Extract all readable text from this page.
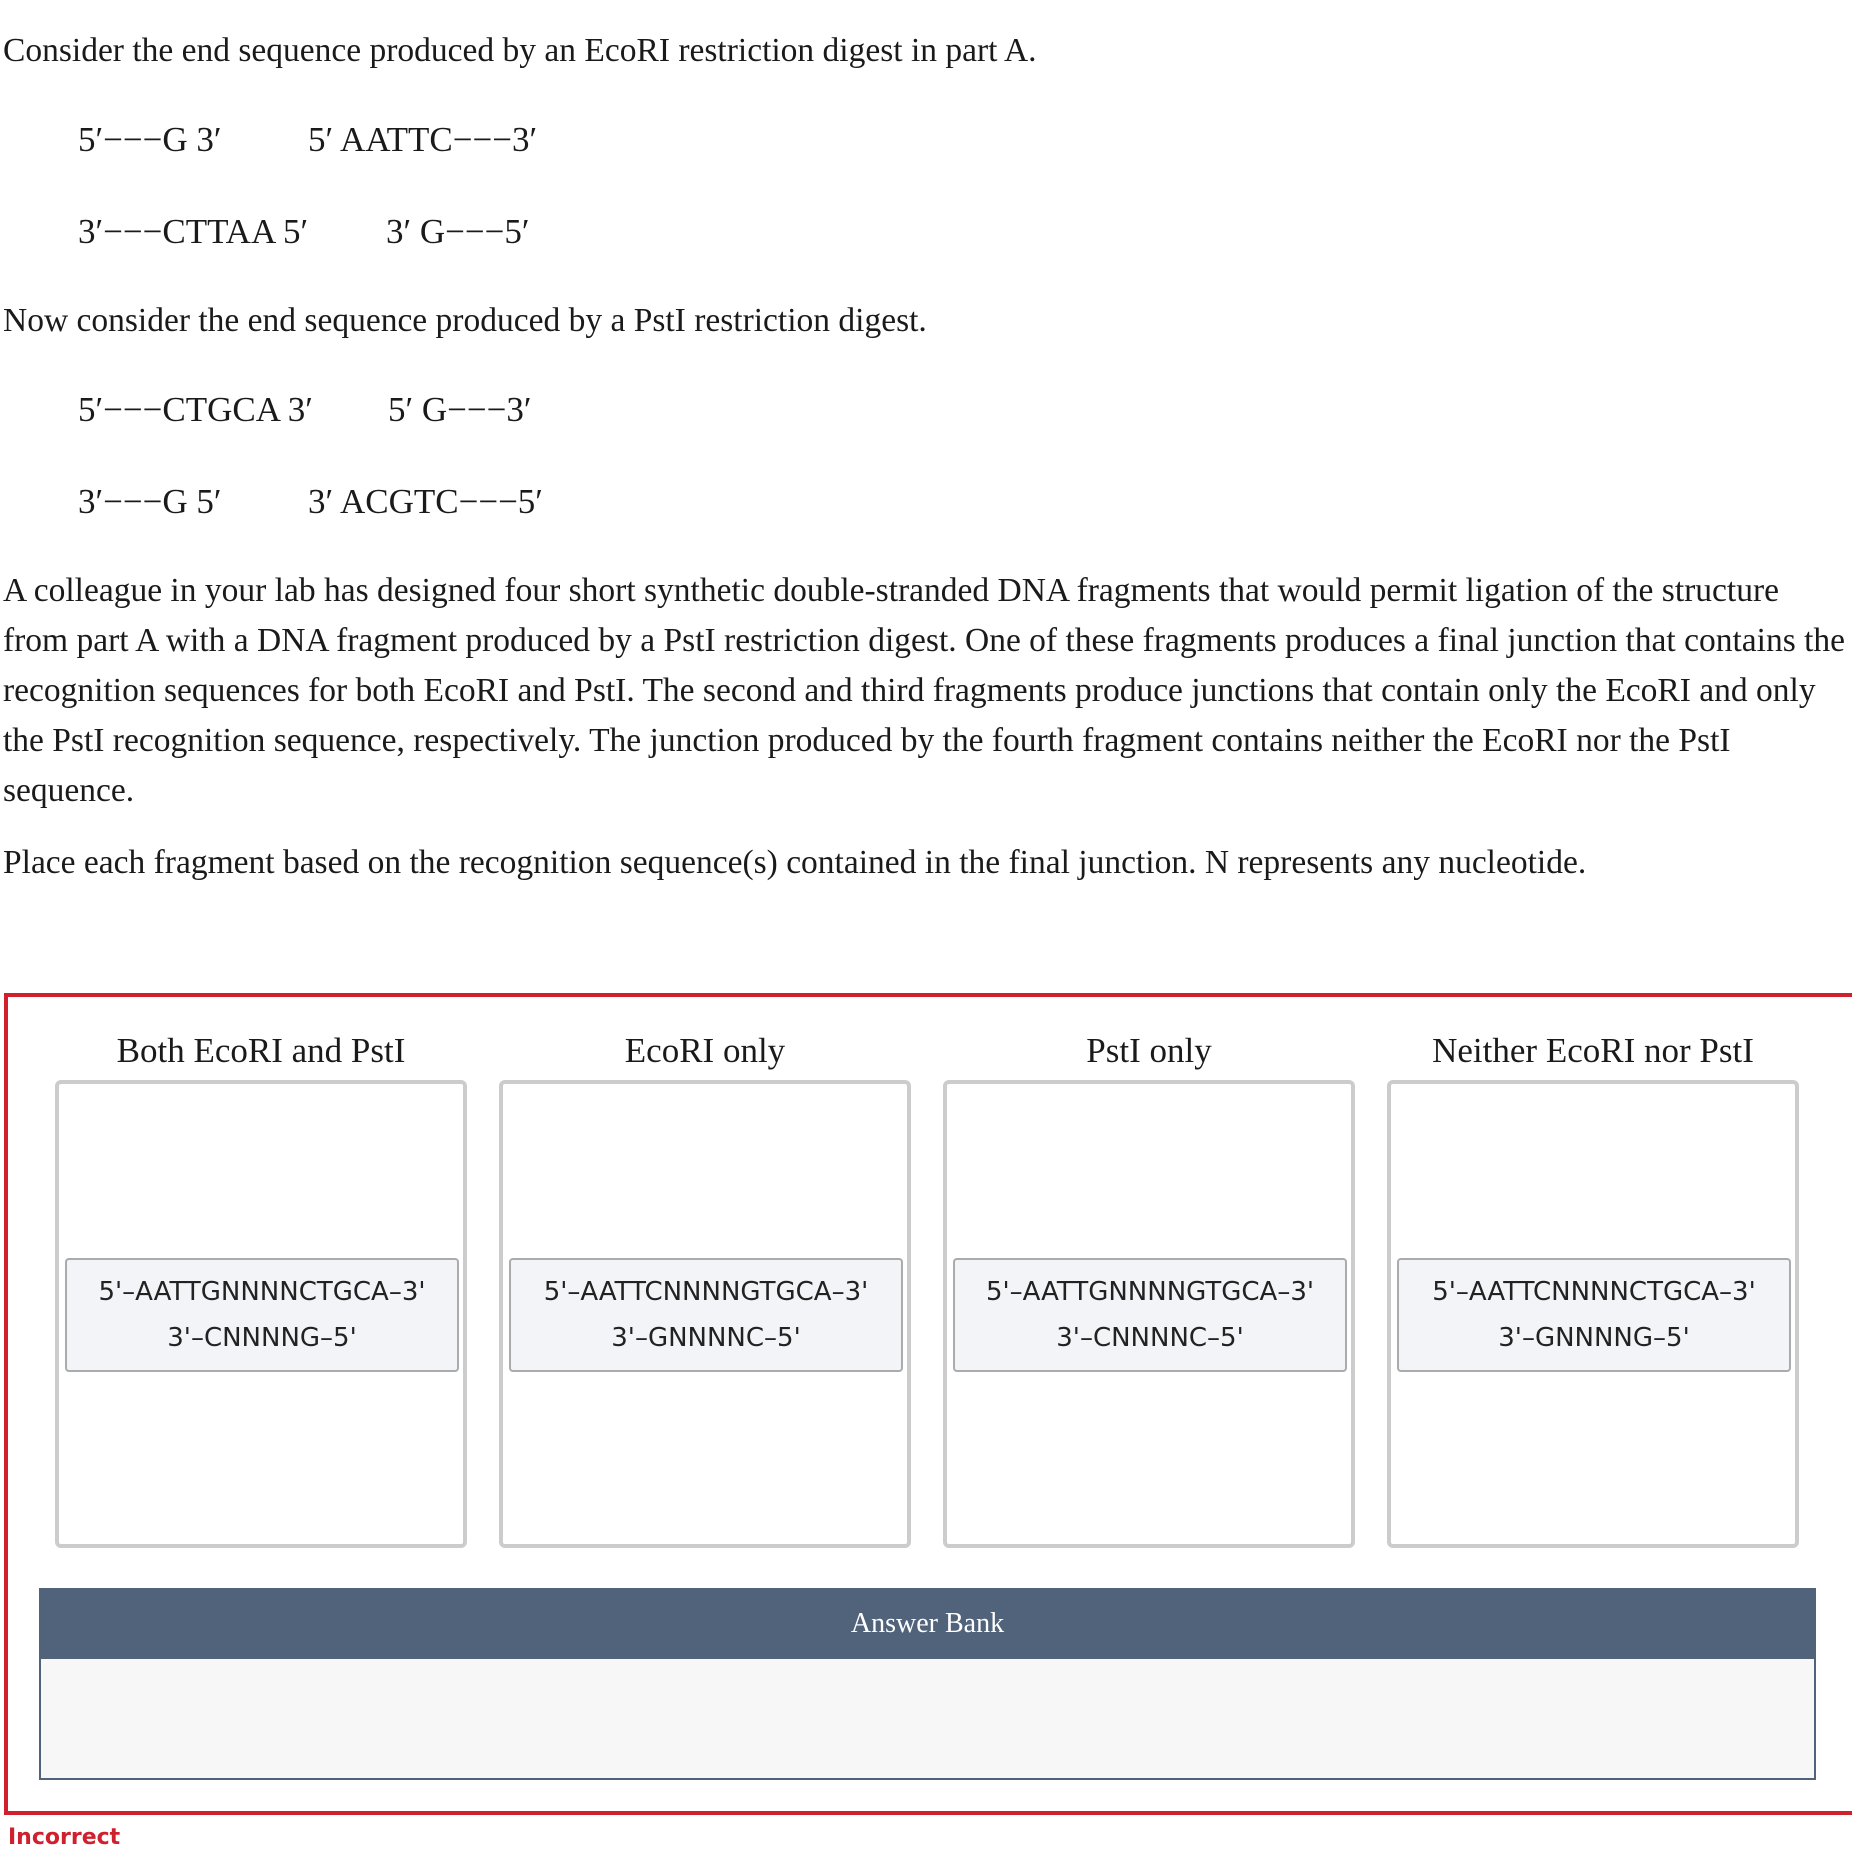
Consider the end sequence produced by an EcoRI restriction digest in part A.

5′−−−G 3′ 5′ AATTC−−−3′

3′−−−CTTAA 5′ 3′ G−−−5′

Now consider the end sequence produced by a PstI restriction digest.

5′−−−CTGCA 3′ 5′ G−−−3′

3′−−−G 5′ 3′ ACGTC−−−5′

A colleague in your lab has designed four short synthetic double-stranded DNA fragments that would permit ligation of the structure from part A with a DNA fragment produced by a PstI restriction digest. One of these fragments produces a final junction that contains the recognition sequences for both EcoRI and PstI. The second and third fragments produce junctions that contain only the EcoRI and only the PstI recognition sequence, respectively. The junction produced by the fourth fragment contains neither the EcoRI nor the PstI sequence.

Place each fragment based on the recognition sequence(s) contained in the final junction. N represents any nucleotide.

Both EcoRI and PstI
5'–AATTGNNNNCTGCA–3'
3'–CNNNNG–5'
EcoRI only
5'–AATTCNNNNGTGCA–3'
3'–GNNNNC–5'
PstI only
5'–AATTGNNNNGTGCA–3'
3'–CNNNNC–5'
Neither EcoRI nor PstI
5'–AATTCNNNNCTGCA–3'
3'–GNNNNG–5'
Answer Bank
Incorrect
